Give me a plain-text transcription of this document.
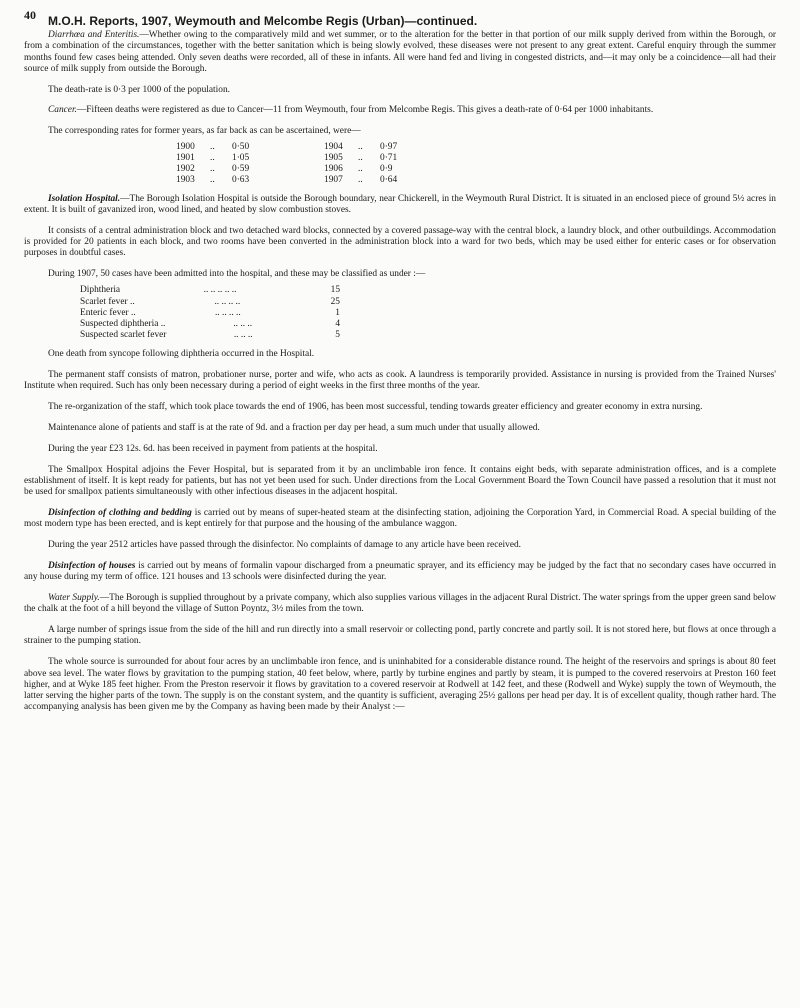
40 M.O.H. Reports, 1907, Weymouth and Melcombe Regis (Urban)—continued.

Diarrhœa and Enteritis.—Whether owing to the comparatively mild and wet summer, or to the alteration for the better in that portion of our milk supply derived from within the Borough, or from a combination of the circumstances, together with the better sanitation which is being slowly evolved, these diseases were not present to any great extent. Careful enquiry through the summer months found few cases being attended. Only seven deaths were recorded, all of these in infants. All were hand fed and living in congested districts, and—it may only be a coincidence—all had their source of milk supply from outside the Borough.

The death-rate is 0·3 per 1000 of the population.

Cancer.—Fifteen deaths were registered as due to Cancer—11 from Weymouth, four from Melcombe Regis. This gives a death-rate of 0·64 per 1000 inhabitants.

The corresponding rates for former years, as far back as can be ascertained, were—

1900	..	0·50	1904	..	0·97
1901	..	1·05	1905	..	0·71
1902	..	0·59	1906	..	0·9
1903	..	0·63	1907	..	0·64

Isolation Hospital.—The Borough Isolation Hospital is outside the Borough boundary, near Chickerell, in the Weymouth Rural District. It is situated in an enclosed piece of ground 5½ acres in extent. It is built of gavanized iron, wood lined, and heated by slow combustion stoves.

It consists of a central administration block and two detached ward blocks, connected by a covered passage-way with the central block, a laundry block, and other outbuildings. Accommodation is provided for 20 patients in each block, and two rooms have been converted in the administration block into a ward for two beds, which may be used either for enteric cases or for observation purposes in doubtful cases.

During 1907, 50 cases have been admitted into the hospital, and these may be classified as under :—

Diphtheria	.. .. .. .. ..	15
Scarlet fever ..	.. .. .. ..	25
Enteric fever ..	.. .. .. ..	1
Suspected diphtheria ..	.. .. ..	4
Suspected scarlet fever	.. .. ..	5

One death from syncope following diphtheria occurred in the Hospital.

The permanent staff consists of matron, probationer nurse, porter and wife, who acts as cook. A laundress is temporarily provided. Assistance in nursing is provided from the Trained Nurses' Institute when required. Such has only been necessary during a period of eight weeks in the first three months of the year.

The re-organization of the staff, which took place towards the end of 1906, has been most successful, tending towards greater efficiency and greater economy in extra nursing.

Maintenance alone of patients and staff is at the rate of 9d. and a fraction per day per head, a sum much under that usually allowed.

During the year £23 12s. 6d. has been received in payment from patients at the hospital.

The Smallpox Hospital adjoins the Fever Hospital, but is separated from it by an unclimbable iron fence. It contains eight beds, with separate administration offices, and is a complete establishment of itself. It is kept ready for patients, but has not yet been used for such. Under directions from the Local Government Board the Town Council have passed a resolution that it must not be used for smallpox patients simultaneously with other infectious diseases in the adjacent hospital.

Disinfection of clothing and bedding is carried out by means of super-heated steam at the disinfecting station, adjoining the Corporation Yard, in Commercial Road. A special building of the most modern type has been erected, and is kept entirely for that purpose and the housing of the ambulance waggon.

During the year 2512 articles have passed through the disinfector. No complaints of damage to any article have been received.

Disinfection of houses is carried out by means of formalin vapour discharged from a pneumatic sprayer, and its efficiency may be judged by the fact that no secondary cases have occurred in any house during my term of office. 121 houses and 13 schools were disinfected during the year.

Water Supply.—The Borough is supplied throughout by a private company, which also supplies various villages in the adjacent Rural District. The water springs from the upper green sand below the chalk at the foot of a hill beyond the village of Sutton Poyntz, 3½ miles from the town.

A large number of springs issue from the side of the hill and run directly into a small reservoir or collecting pond, partly concrete and partly soil. It is not stored here, but flows at once through a strainer to the pumping station.

The whole source is surrounded for about four acres by an unclimbable iron fence, and is uninhabited for a considerable distance round. The height of the reservoirs and springs is about 80 feet above sea level. The water flows by gravitation to the pumping station, 40 feet below, where, partly by turbine engines and partly by steam, it is pumped to the covered reservoirs at Preston 160 feet higher, and at Wyke 185 feet higher. From the Preston reservoir it flows by gravitation to a covered reservoir at Rodwell at 142 feet, and these (Rodwell and Wyke) supply the town of Weymouth, the latter serving the higher parts of the town. The supply is on the constant system, and the quantity is sufficient, averaging 25½ gallons per head per day. It is of excellent quality, though rather hard. The accompanying analysis has been given me by the Company as having been made by their Analyst :—
